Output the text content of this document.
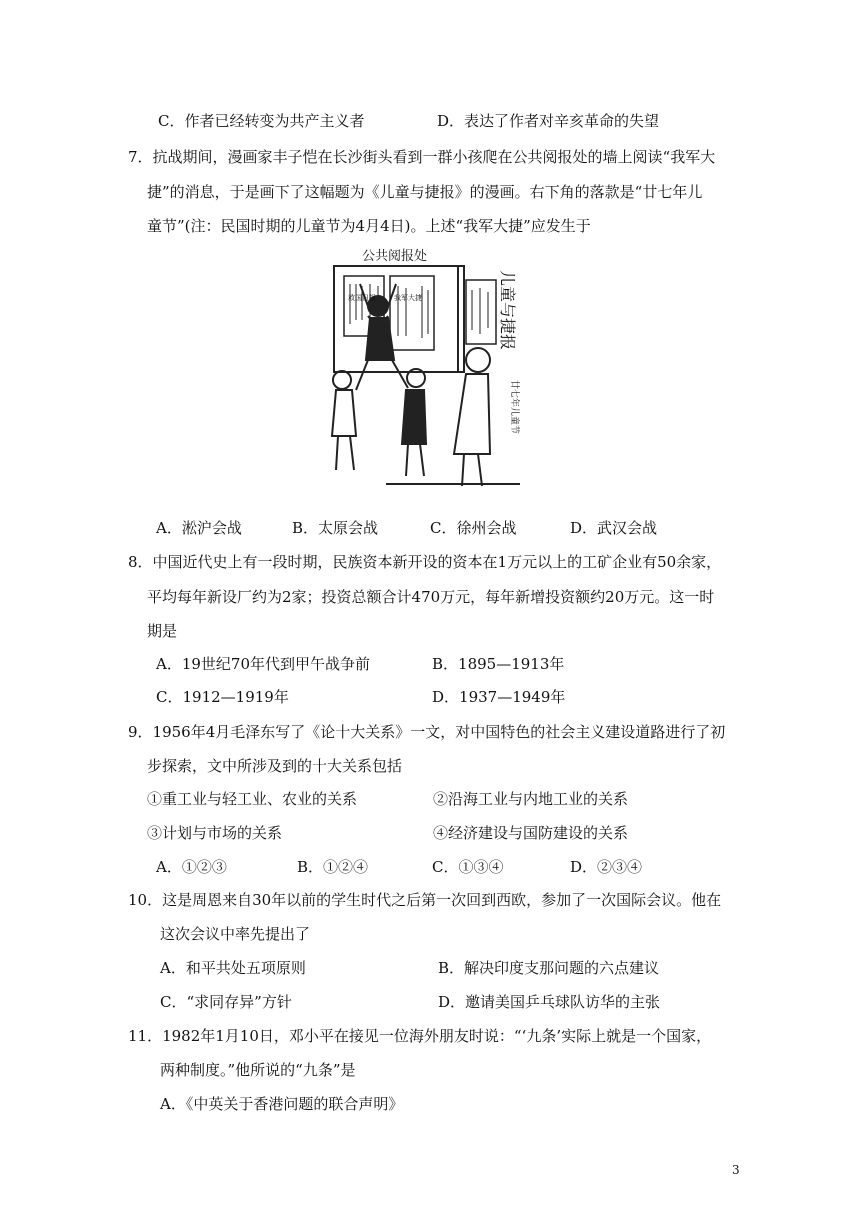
C．作者已经转变为共产主义者	D．表达了作者对辛亥革命的失望
7．抗战期间，漫画家丰子恺在长沙街头看到一群小孩爬在公共阅报处的墙上阅读“我军大
捷”的消息，于是画下了这幅题为《儿童与捷报》的漫画。右下角的落款是“廿七年儿
童节”(注：民国时期的儿童节为4月4日)。上述“我军大捷”应发生于
公共阅报处
救国日报	我军大捷	儿童与捷报
廿七年儿童节
A．淞沪会战	B．太原会战	C．徐州会战	D．武汉会战
8．中国近代史上有一段时期，民族资本新开设的资本在1万元以上的工矿企业有50余家，
平均每年新设厂约为2家；投资总额合计470万元，每年新增投资额约20万元。这一时
期是
A．19世纪70年代到甲午战争前	B．1895—1913年
C．1912—1919年	D．1937—1949年
9．1956年4月毛泽东写了《论十大关系》一文，对中国特色的社会主义建设道路进行了初
步探索，文中所涉及到的十大关系包括
①重工业与轻工业、农业的关系	②沿海工业与内地工业的关系
③计划与市场的关系	④经济建设与国防建设的关系
A．①②③	B．①②④	C．①③④	D．②③④
10．这是周恩来自30年以前的学生时代之后第一次回到西欧，参加了一次国际会议。他在
这次会议中率先提出了
A．和平共处五项原则	B．解决印度支那问题的六点建议
C．“求同存异”方针	D．邀请美国乒乓球队访华的主张
11．1982年1月10日，邓小平在接见一位海外朋友时说：“‘九条’实际上就是一个国家，
两种制度。”他所说的“九条”是
A．《中英关于香港问题的联合声明》
3
